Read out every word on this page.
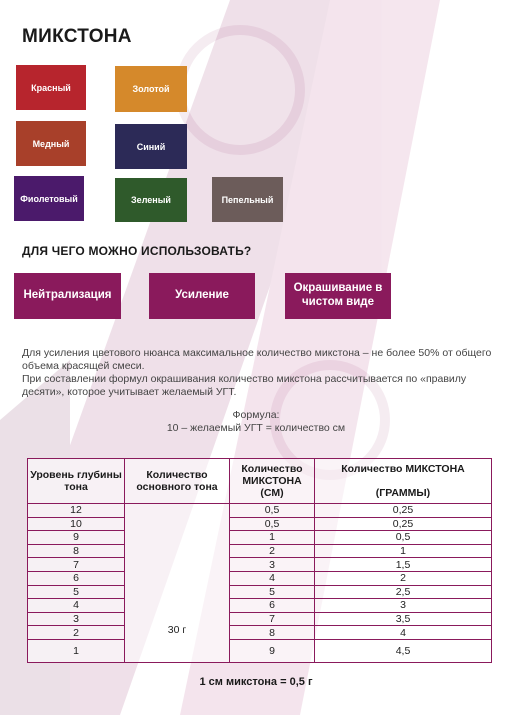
МИКСТОНА
Красный	Золотой
Медный	Синий
Фиолетовый	Зеленый	Пепельный
ДЛЯ ЧЕГО МОЖНО ИСПОЛЬЗОВАТЬ?
Нейтрализация	Усиление
Окрашивание в чистом виде

Для усиления цветового нюанса максимальное количество микстона – не более 50% от общего объема красящей смеси.

При составлении формул окрашивания количество микстона рассчитывается по «правилу десяти», которое учитывает желаемый УГТ.

Формула:
10 – желаемый УГТ = количество см
Уровень глубины тона	Количество основного тона	Количество МИКСТОНА (СМ)	Количество МИКСТОНА

(ГРАММЫ)
12	30 г	0,5	0,25
10		0,5	0,25
9		1	0,5
8		2	1
7		3	1,5
6		4	2
5		5	2,5
4		6	3
3		7	3,5
2		8	4
1		9	4,5
1 см микстона = 0,5 г
